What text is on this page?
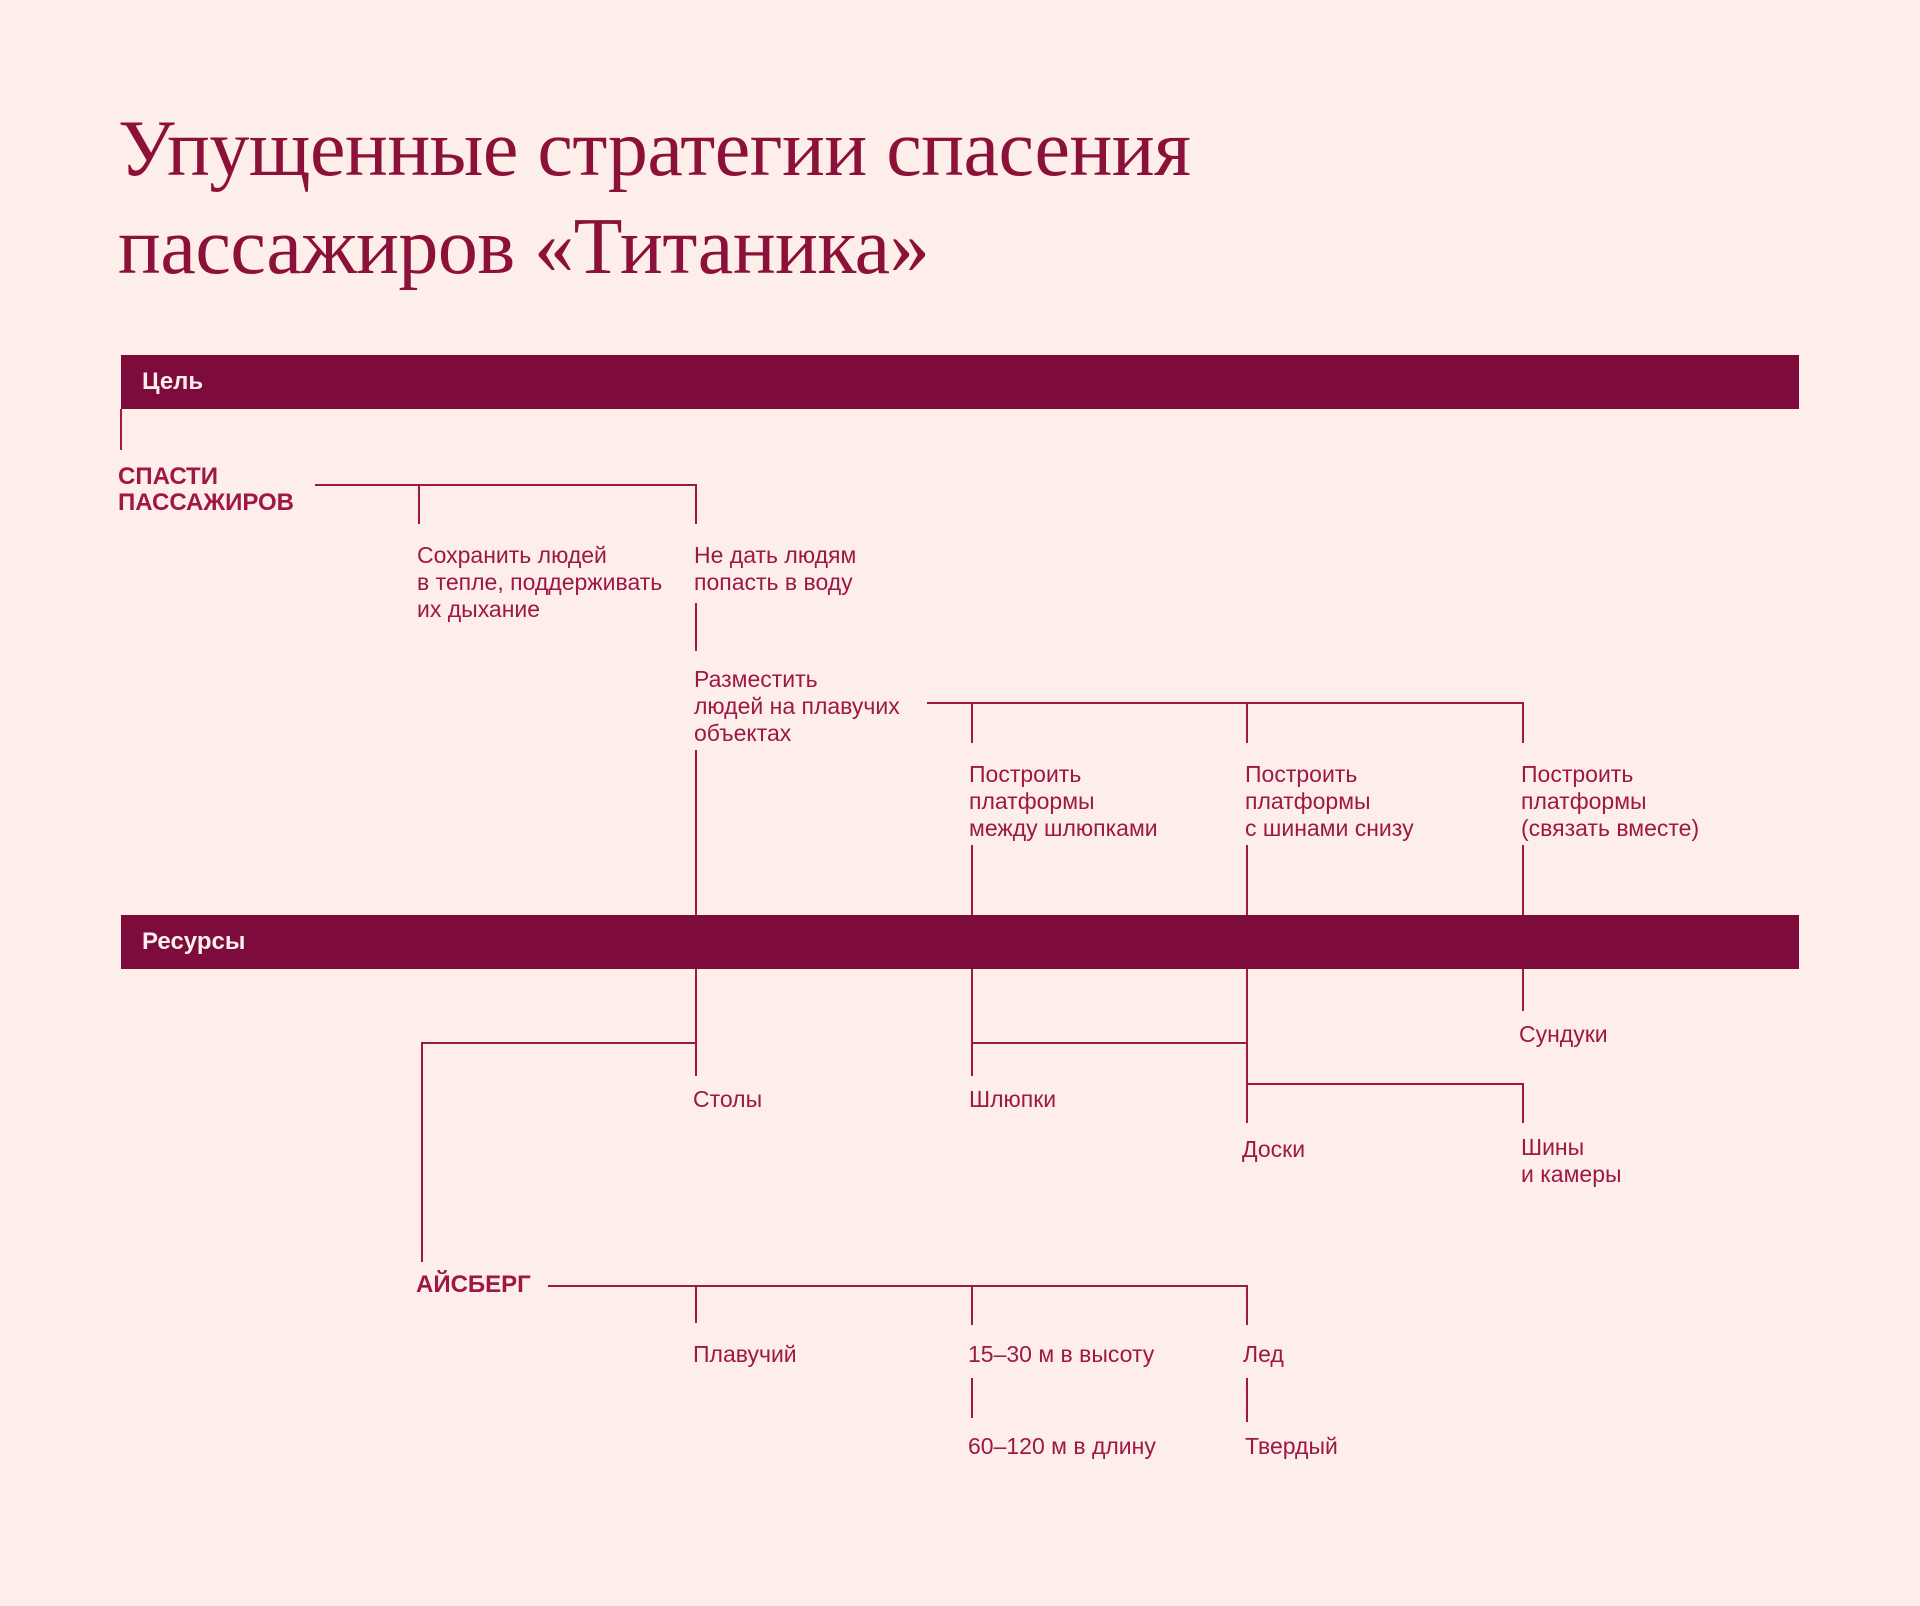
Упущенные стратегии спасения
пассажиров «Титаника»
Цель
Ресурсы
СПАСТИ
ПАССАЖИРОВ
Сохранить людей
в тепле, поддерживать
их дыхание
Не дать людям
попасть в воду
Разместить
людей на плавучих
объектах
Построить
платформы
между шлюпками
Построить
платформы
с шинами снизу
Построить
платформы
(связать вместе)
Столы	Шлюпки
Доски
Сундуки
Шины
и камеры
АЙСБЕРГ
Плавучий	15–30 м в высоту	Лед
60–120 м в длину	Твердый
